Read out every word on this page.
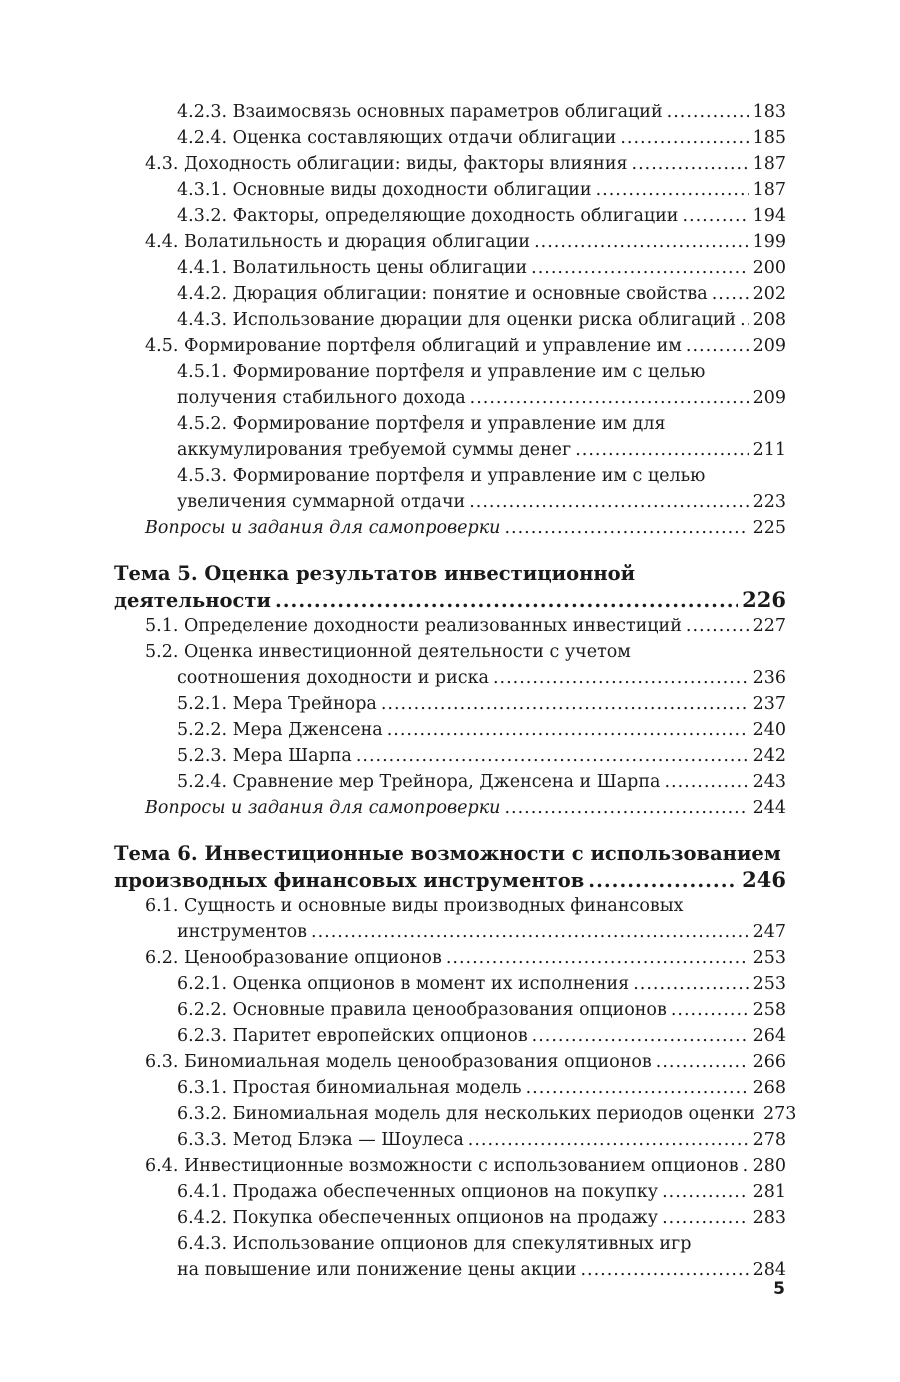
4.2.3. Взаимосвязь основных параметров облигаций .....	183
4.2.4. Оценка составляющих отдачи облигации .....	185
4.3. Доходность облигации: виды, факторы влияния .....	187
4.3.1. Основные виды доходности облигации .....	187
4.3.2. Факторы, определяющие доходность облигации .....	194
4.4. Волатильность и дюрация облигации .....	199
4.4.1. Волатильность цены облигации .....	200
4.4.2. Дюрация облигации: понятие и основные свойства .....	202
4.4.3. Использование дюрации для оценки риска облигаций ..... 208
4.5. Формирование портфеля облигаций и управление им .....	209
4.5.1. Формирование портфеля и управление им с целью
получения стабильного дохода .....	209
4.5.2. Формирование портфеля и управление им для
аккумулирования требуемой суммы денег .....	211
4.5.3. Формирование портфеля и управление им с целью
увеличения суммарной отдачи .....	223
Вопросы и задания для самопроверки .....	225
Тема 5. Оценка результатов инвестиционной
деятельности .....	226
5.1. Определение доходности реализованных инвестиций .....	227
5.2. Оценка инвестиционной деятельности с учетом
соотношения доходности и риска .....	236
5.2.1. Мера Трейнора .....	237
5.2.2. Мера Дженсена .....	240
5.2.3. Мера Шарпа .....	242
5.2.4. Сравнение мер Трейнора, Дженсена и Шарпа .....	243
Вопросы и задания для самопроверки .....	244
Тема 6. Инвестиционные возможности с использованием
производных финансовых инструментов .....	246
6.1. Сущность и основные виды производных финансовых
инструментов .....	247
6.2. Ценообразование опционов .....	253
6.2.1. Оценка опционов в момент их исполнения .....	253
6.2.2. Основные правила ценообразования опционов .....	258
6.2.3. Паритет европейских опционов .....	264
6.3. Биномиальная модель ценообразования опционов .....	266
6.3.1. Простая биномиальная модель .....	268
6.3.2. Биномиальная модель для нескольких периодов оценки 273
6.3.3. Метод Блэка — Шоулеса .....	278
6.4. Инвестиционные возможности с использованием опционов ..... 280
6.4.1. Продажа обеспеченных опционов на покупку .....	281
6.4.2. Покупка обеспеченных опционов на продажу .....	283
6.4.3. Использование опционов для спекулятивных игр
на повышение или понижение цены акции .....	284
5
